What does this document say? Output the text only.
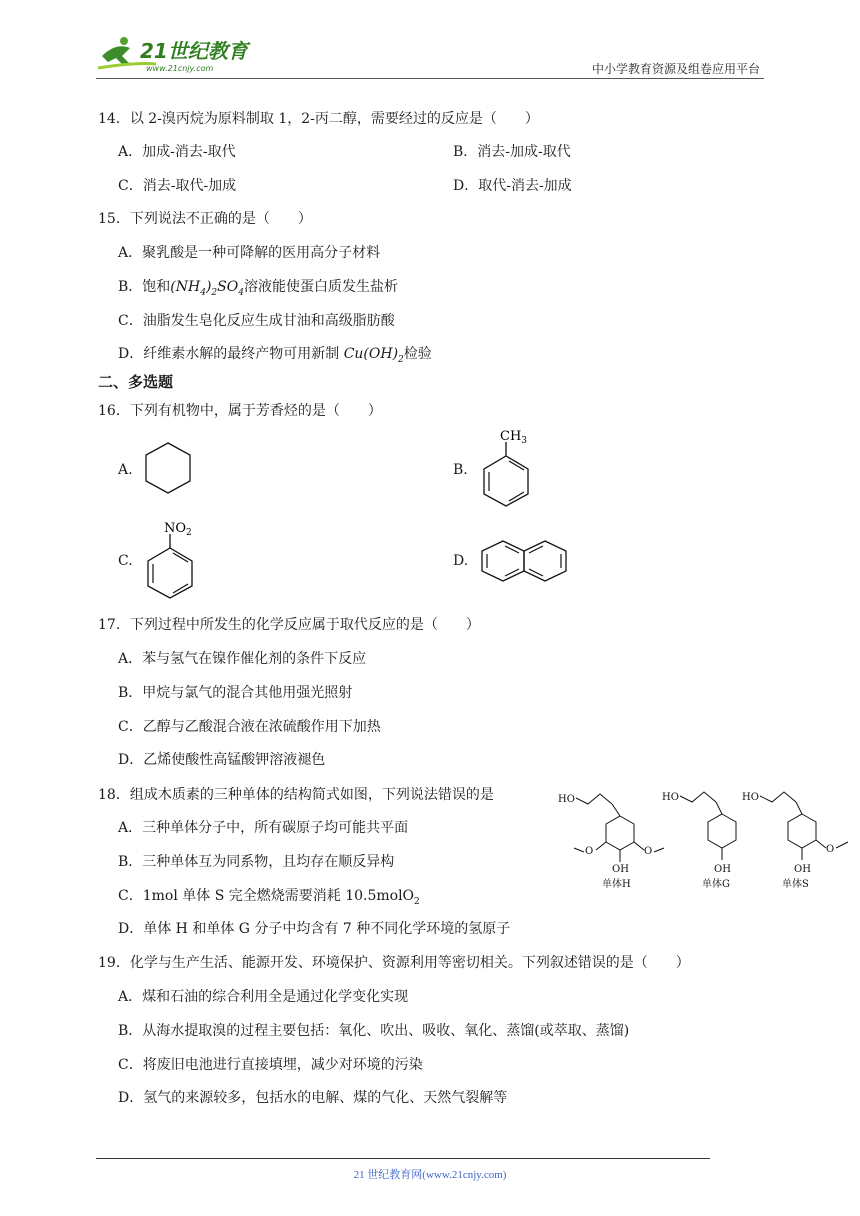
21世纪教育
www.21cnjy.com	中小学教育资源及组卷应用平台
14．以 2-溴丙烷为原料制取 1，2-丙二醇，需要经过的反应是（　　）
A．加成-消去-取代	B．消去-加成-取代
C．消去-取代-加成	D．取代-消去-加成
15．下列说法不正确的是（　　）
A．聚乳酸是一种可降解的医用高分子材料
B．饱和$(NH_4)_2SO_4$溶液能使蛋白质发生盐析
C．油脂发生皂化反应生成甘油和高级脂肪酸
D．纤维素水解的最终产物可用新制 $Cu(OH)_2$检验
二、多选题
16．下列有机物中，属于芳香烃的是（　　）
A.	B.
$CH_3$
C.
$NO_2$
D.
17．下列过程中所发生的化学反应属于取代反应的是（　　）
A．苯与氢气在镍作催化剂的条件下反应
B．甲烷与氯气的混合其他用强光照射
C．乙醇与乙酸混合液在浓硫酸作用下加热
D．乙烯使酸性高锰酸钾溶液褪色
18．组成木质素的三种单体的结构简式如图，下列说法错误的是
A．三种单体分子中，所有碳原子均可能共平面
B．三种单体互为同系物，且均存在顺反异构
C．1mol 单体 S 完全燃烧需要消耗 10.5molO$_2$
D．单体 H 和单体 G 分子中均含有 7 种不同化学环境的氢原子
HO
O	O
OH
单体H
HO
OH
单体G
HO
O
OH
单体S
19．化学与生产生活、能源开发、环境保护、资源利用等密切相关。下列叙述错误的是（　　）
A．煤和石油的综合利用全是通过化学变化实现
B．从海水提取溴的过程主要包括：氧化、吹出、吸收、氧化、蒸馏(或萃取、蒸馏)
C．将废旧电池进行直接填埋，减少对环境的污染
D．氢气的来源较多，包括水的电解、煤的气化、天然气裂解等
21 世纪教育网(www.21cnjy.com)
